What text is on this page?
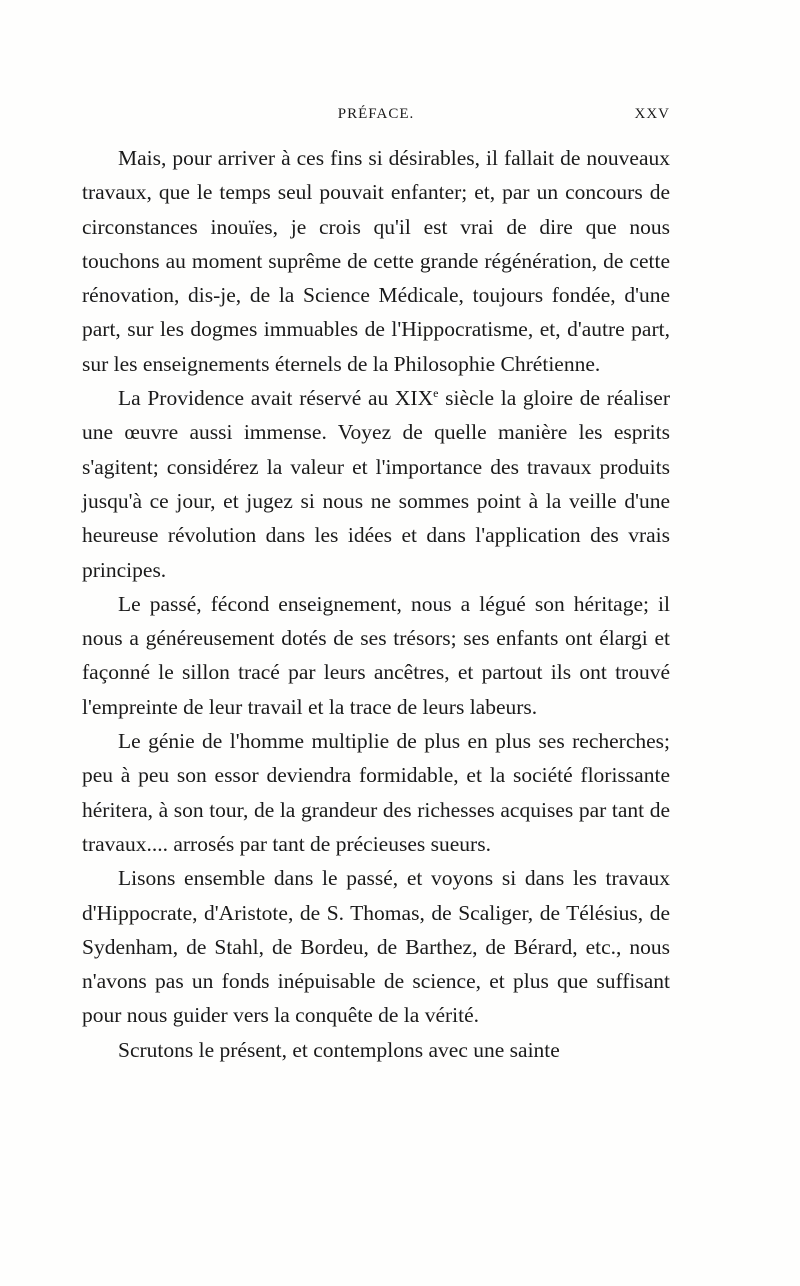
PRÉFACE.	XXV

Mais, pour arriver à ces fins si désirables, il fallait de nouveaux travaux, que le temps seul pouvait enfanter; et, par un concours de circonstances inouïes, je crois qu'il est vrai de dire que nous touchons au moment suprême de cette grande régénération, de cette rénovation, dis-je, de la Science Médicale, toujours fondée, d'une part, sur les dogmes immuables de l'Hippocratisme, et, d'autre part, sur les enseignements éternels de la Philosophie Chrétienne.

La Providence avait réservé au XIXe siècle la gloire de réaliser une œuvre aussi immense. Voyez de quelle manière les esprits s'agitent; considérez la valeur et l'importance des travaux produits jusqu'à ce jour, et jugez si nous ne sommes point à la veille d'une heureuse révolution dans les idées et dans l'application des vrais principes.

Le passé, fécond enseignement, nous a légué son héritage; il nous a généreusement dotés de ses trésors; ses enfants ont élargi et façonné le sillon tracé par leurs ancêtres, et partout ils ont trouvé l'empreinte de leur travail et la trace de leurs labeurs.

Le génie de l'homme multiplie de plus en plus ses recherches; peu à peu son essor deviendra formidable, et la société florissante héritera, à son tour, de la grandeur des richesses acquises par tant de travaux.... arrosés par tant de précieuses sueurs.

Lisons ensemble dans le passé, et voyons si dans les travaux d'Hippocrate, d'Aristote, de S. Thomas, de Scaliger, de Télésius, de Sydenham, de Stahl, de Bordeu, de Barthez, de Bérard, etc., nous n'avons pas un fonds inépuisable de science, et plus que suffisant pour nous guider vers la conquête de la vérité.

Scrutons le présent, et contemplons avec une sainte
